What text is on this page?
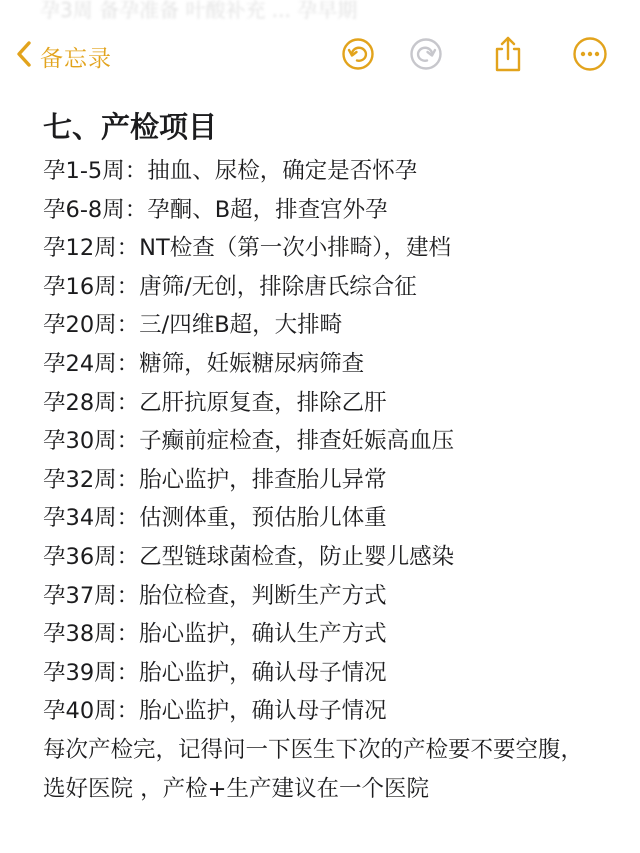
孕3周 备孕准备 叶酸补充 ... 孕早期
备忘录
七、产检项目
孕1-5周：抽血、尿检，确定是否怀孕
孕6-8周：孕酮、B超，排查宫外孕
孕12周：NT检查（第一次小排畸），建档
孕16周：唐筛/无创，排除唐氏综合征
孕20周：三/四维B超，大排畸
孕24周：糖筛，妊娠糖尿病筛查
孕28周：乙肝抗原复查，排除乙肝
孕30周：子癫前症检查，排查妊娠高血压
孕32周：胎心监护，排查胎儿异常
孕34周：估测体重，预估胎儿体重
孕36周：乙型链球菌检查，防止婴儿感染
孕37周：胎位检查，判断生产方式
孕38周：胎心监护，确认生产方式
孕39周：胎心监护，确认母子情况
孕40周：胎心监护，确认母子情况
每次产检完，记得问一下医生下次的产检要不要空腹，选好医院 ，产检+生产建议在一个医院
